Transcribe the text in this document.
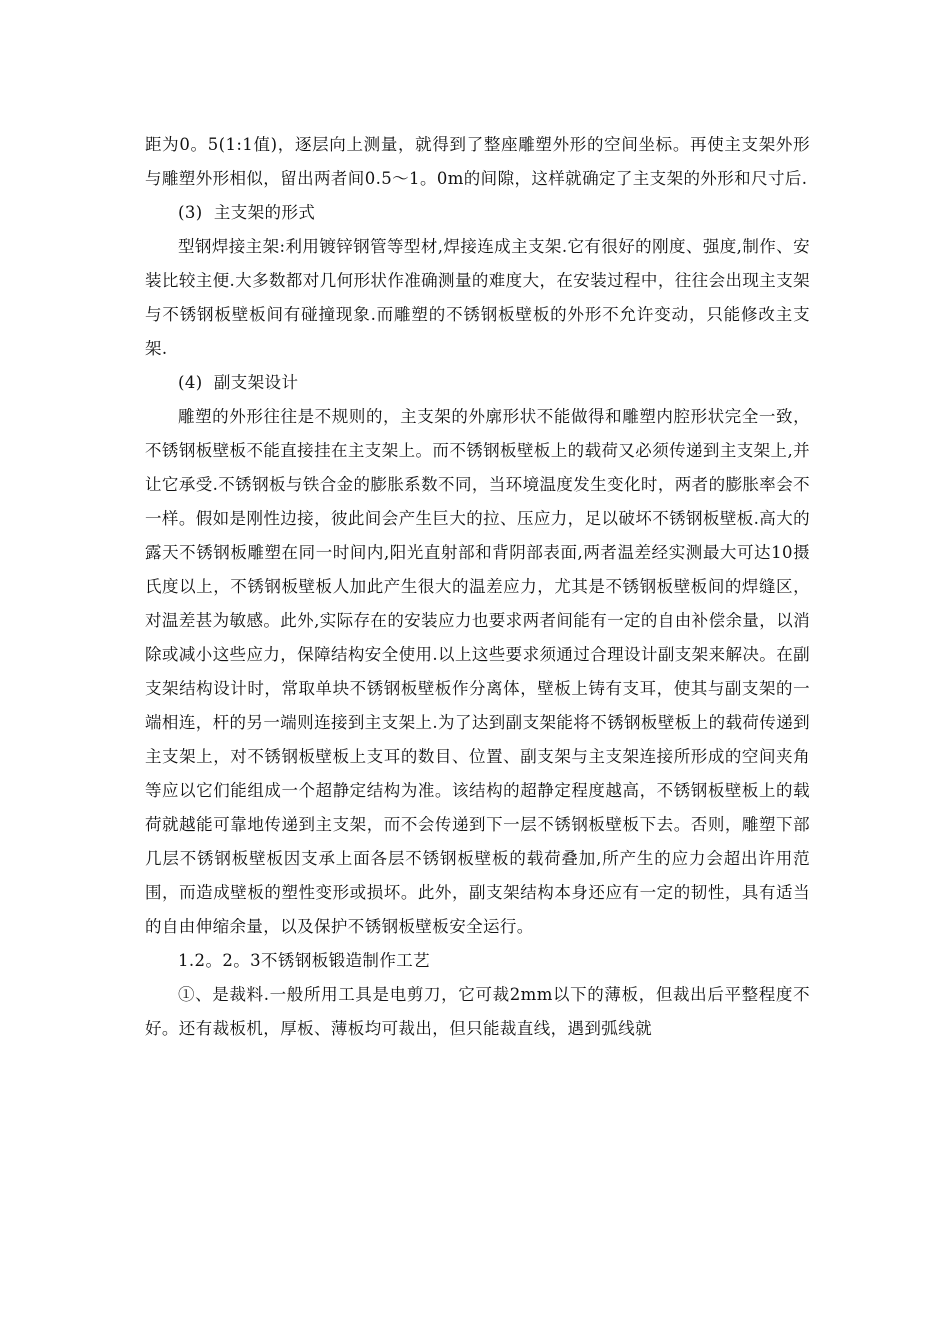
距为0。5(1:1值)，逐层向上测量，就得到了整座雕塑外形的空间坐标。再使主支架外形与雕塑外形相似，留出两者间0.5～1。0m的间隙，这样就确定了主支架的外形和尺寸后.

(3)  主支架的形式

型钢焊接主架:利用镀锌钢管等型材,焊接连成主支架.它有很好的刚度、强度,制作、安装比较主便.大多数都对几何形状作准确测量的难度大，在安装过程中，往往会出现主支架与不锈钢板壁板间有碰撞现象.而雕塑的不锈钢板壁板的外形不允许变动，只能修改主支架.

(4)  副支架设计

雕塑的外形往往是不规则的，主支架的外廓形状不能做得和雕塑内腔形状完全一致，不锈钢板壁板不能直接挂在主支架上。而不锈钢板壁板上的载荷又必须传递到主支架上,并让它承受.不锈钢板与铁合金的膨胀系数不同，当环境温度发生变化时，两者的膨胀率会不一样。假如是刚性边接，彼此间会产生巨大的拉、压应力，足以破坏不锈钢板壁板.高大的露天不锈钢板雕塑在同一时间内,阳光直射部和背阴部表面,两者温差经实测最大可达10摄氏度以上，不锈钢板壁板人加此产生很大的温差应力，尤其是不锈钢板壁板间的焊缝区，对温差甚为敏感。此外,实际存在的安装应力也要求两者间能有一定的自由补偿余量，以消除或减小这些应力，保障结构安全使用.以上这些要求须通过合理设计副支架来解决。在副支架结构设计时，常取单块不锈钢板壁板作分离体，壁板上铸有支耳，使其与副支架的一端相连，杆的另一端则连接到主支架上.为了达到副支架能将不锈钢板壁板上的载荷传递到主支架上，对不锈钢板壁板上支耳的数目、位置、副支架与主支架连接所形成的空间夹角等应以它们能组成一个超静定结构为准。该结构的超静定程度越高，不锈钢板壁板上的载荷就越能可靠地传递到主支架，而不会传递到下一层不锈钢板壁板下去。否则，雕塑下部几层不锈钢板壁板因支承上面各层不锈钢板壁板的载荷叠加,所产生的应力会超出许用范围，而造成壁板的塑性变形或损坏。此外，副支架结构本身还应有一定的韧性，具有适当的自由伸缩余量，以及保护不锈钢板壁板安全运行。

1.2。2。3不锈钢板锻造制作工艺

①、是裁料.一般所用工具是电剪刀，它可裁2mm以下的薄板，但裁出后平整程度不好。还有裁板机，厚板、薄板均可裁出，但只能裁直线，遇到弧线就
